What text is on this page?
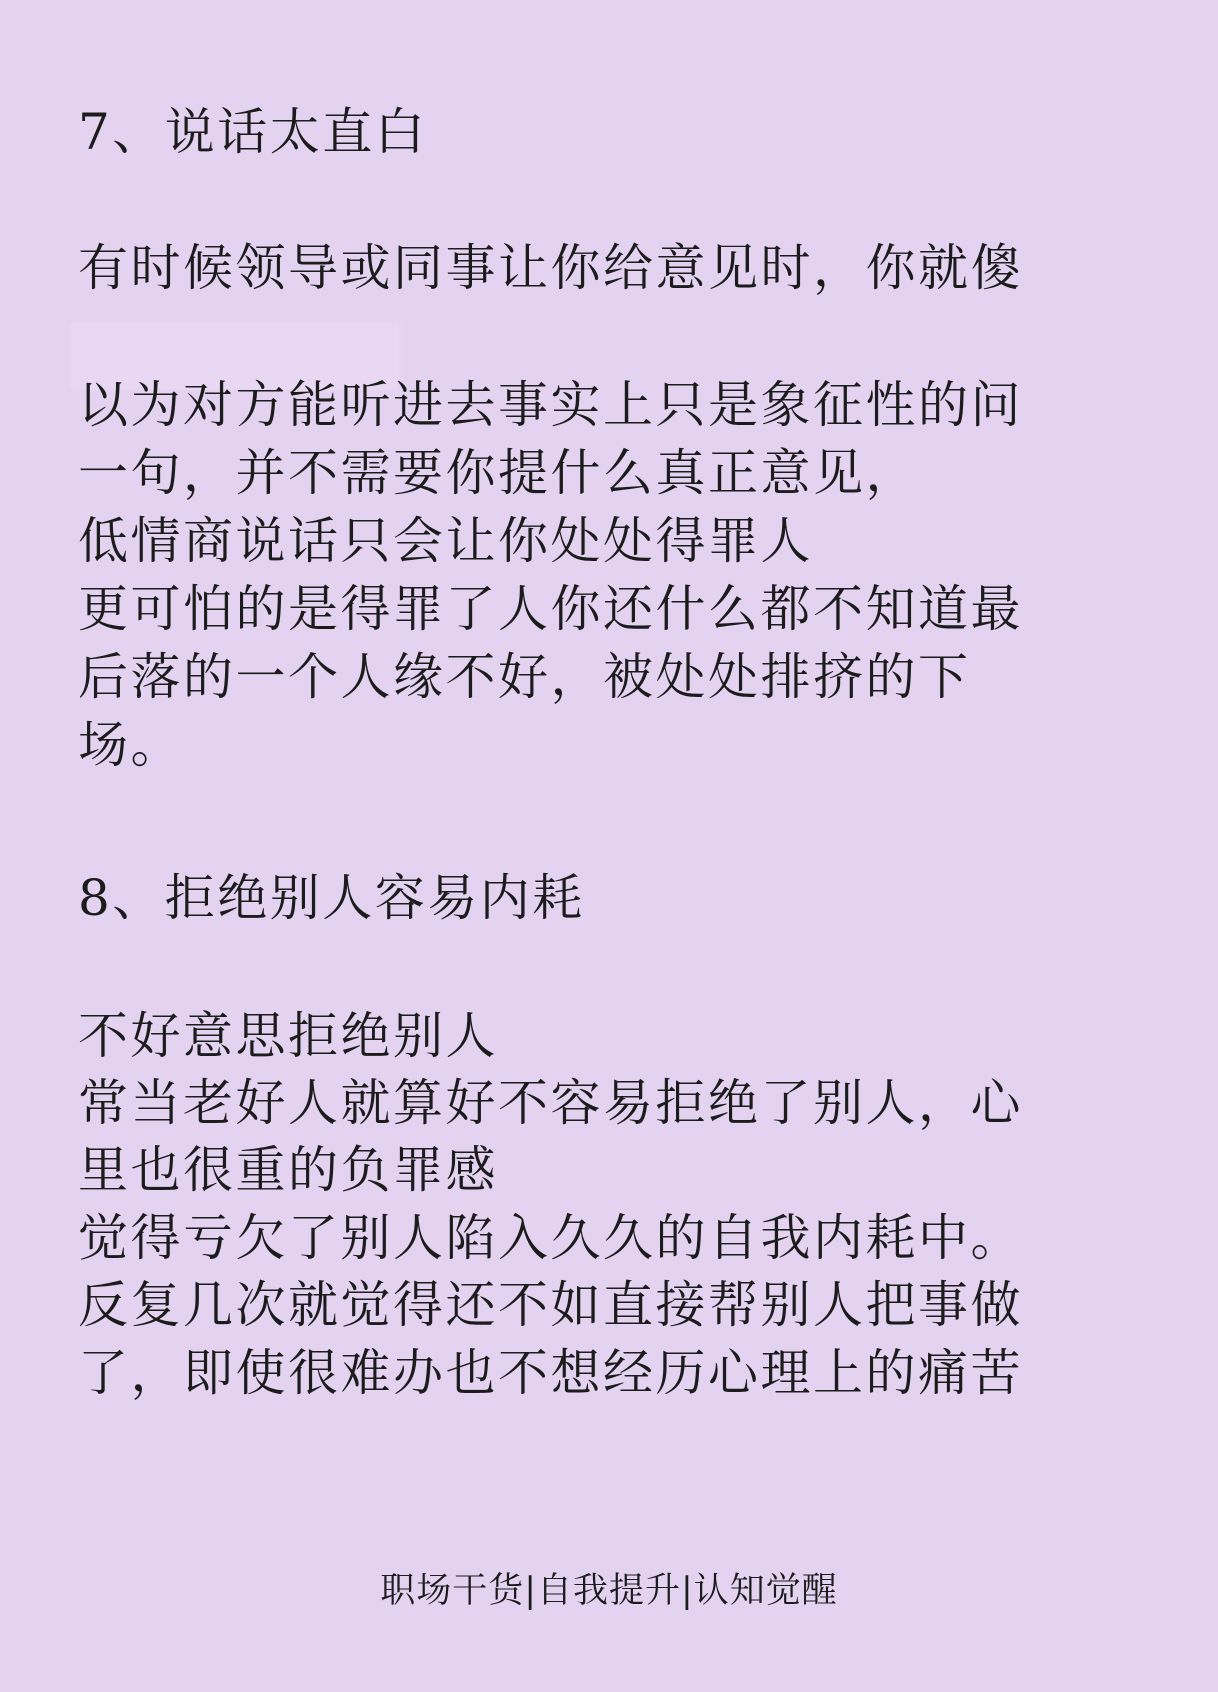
7、说话太直白
有时候领导或同事让你给意见时，你就傻
以为对方能听进去事实上只是象征性的问
一句，并不需要你提什么真正意见，
低情商说话只会让你处处得罪人
更可怕的是得罪了人你还什么都不知道最
后落的一个人缘不好，被处处排挤的下
场。
8、拒绝别人容易内耗
不好意思拒绝别人
常当老好人就算好不容易拒绝了别人，心
里也很重的负罪感
觉得亏欠了别人陷入久久的自我内耗中。
反复几次就觉得还不如直接帮别人把事做
了，即使很难办也不想经历心理上的痛苦
职场干货|自我提升|认知觉醒
